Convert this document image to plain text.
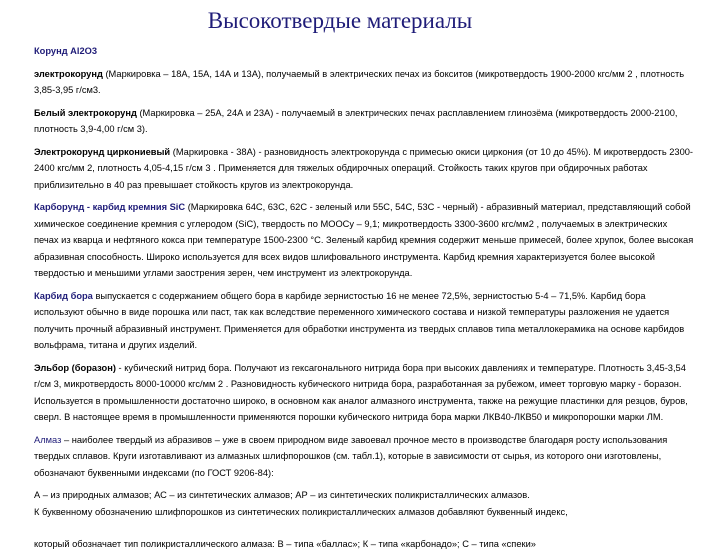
Высокотвердые материалы

Корунд Al2O3

электрокорунд (Маркировка – 18А, 15А, 14А и 13А), получаемый в электрических печах из бокситов (микротвердость 1900-2000 кгс/мм 2 , плотность 3,85-3,95 г/см3.

Белый электрокорунд (Маркировка – 25А, 24А и 23А) - получаемый в электрических печах расплавлением глинозёма (микротвердость 2000-2100, плотность 3,9-4,00 г/см 3).

Электрокорунд циркониевый (Маркировка - 38А) - разновидность электрокорунда с примесью окиси циркония (от 10 до 45%). М икротвердость 2300-2400 кгс/мм 2, плотность 4,05-4,15 г/см 3 . Применяется для тяжелых обдирочных операций. Стойкость таких кругов при обдирочных работах приблизительно в 40 раз превышает стойкость кругов из электрокорунда.

Карборунд - карбид кремния SiC (Маркировка 64С, 63С, 62С - зеленый или 55С, 54С, 53С - черный) - абразивный материал, представляющий собой химическое соединение кремния с углеродом (SiC), твердость по МООСу – 9,1; микротвердость 3300-3600 кгс/мм2 , получаемых в электрических печах из кварца и нефтяного кокса при температуре 1500-2300 °С. Зеленый карбид кремния содержит меньше примесей, более хрупок, более высокая абразивная способность. Широко используется для всех видов шлифовального инструмента. Карбид кремния характеризуется более высокой твердостью и меньшими углами заострения зерен, чем инструмент из электрокорунда.

Карбид бора выпускается с содержанием общего бора в карбиде зернистостью 16 не менее 72,5%, зернистостью 5-4 – 71,5%. Карбид бора используют обычно в виде порошка или паст, так как вследствие переменного химического состава и низкой температуры разложения не удается получить прочный абразивный инструмент. Применяется для обработки инструмента из твердых сплавов типа металлокерамика на основе карбидов вольфрама, титана и других изделий.

Эльбор (боразон) - кубический нитрид бора. Получают из гексагонального нитрида бора при высоких давлениях и температуре. Плотность 3,45-3,54 г/см 3, микротвердость 8000-10000 кгс/мм 2 . Разновидность кубического нитрида бора, разработанная за рубежом, имеет торговую марку - боразон. Используется в промышленности достаточно широко, в основном как аналог алмазного инструмента, также на режущие пластинки для резцов, буров, сверл. В настоящее время в промышленности применяются порошки кубического нитрида бора марки ЛКВ40-ЛКВ50 и микропорошки марки ЛМ.

Алмаз – наиболее твердый из абразивов – уже в своем природном виде завоевал прочное место в производстве благодаря росту использования твердых сплавов. Круги изготавливают из алмазных шлифпорошков (см. табл.1), которые в зависимости от сырья, из которого они изготовлены, обозначают буквенными индексами (по ГОСТ 9206-84):

А – из природных алмазов; АС – из синтетических алмазов; АР – из синтетических поликристаллических алмазов.

К буквенному обозначению шлифпорошков из синтетических поликристаллических алмазов добавляют буквенный индекс,

который обозначает тип поликристаллического алмаза: В – типа «баллас»; К – типа «карбонадо»; С – типа «спеки»
